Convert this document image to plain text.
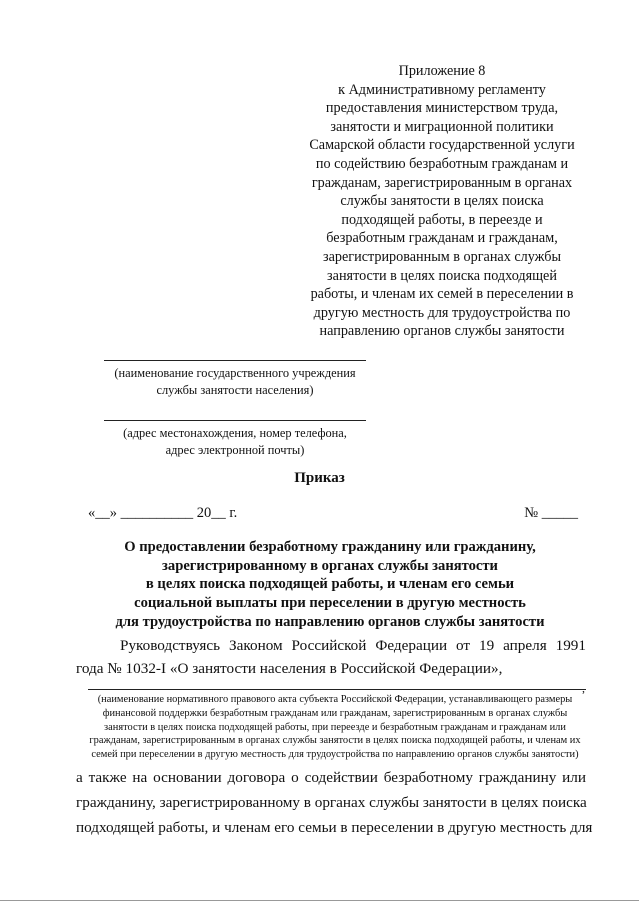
Приложение 8
к Административному регламенту
предоставления министерством труда,
занятости и миграционной политики
Самарской области государственной услуги
по содействию безработным гражданам и
гражданам, зарегистрированным в органах
службы занятости в целях поиска
подходящей работы, в переезде и
безработным гражданам и гражданам,
зарегистрированным в органах службы
занятости в целях поиска подходящей
работы, и членам их семей в переселении в
другую местность для трудоустройства по
направлению органов службы занятости
(наименование государственного учреждения
службы занятости населения)
(адрес местонахождения, номер телефона,
адрес электронной почты)
Приказ
«__» __________ 20__ г.	№ _____
О предоставлении безработному гражданину или гражданину,
зарегистрированному в органах службы занятости
в целях поиска подходящей работы, и членам его семьи
социальной выплаты при переселении в другую местность
для трудоустройства по направлению органов службы занятости
Руководствуясь Законом Российской Федерации от 19 апреля 1991
года № 1032-I «О занятости населения в Российской Федерации»,
,
(наименование нормативного правового акта субъекта Российской Федерации, устанавливающего размеры
финансовой поддержки безработным гражданам или гражданам, зарегистрированным в органах службы
занятости в целях поиска подходящей работы, при переезде и безработным гражданам и гражданам или
гражданам, зарегистрированным в органах службы занятости в целях поиска подходящей работы, и членам их
семей при переселении в другую местность для трудоустройства по направлению органов службы занятости)
а также на основании договора о содействии безработному гражданину или
гражданину, зарегистрированному в органах службы занятости в целях поиска
подходящей работы, и членам его семьи в переселении в другую местность для
